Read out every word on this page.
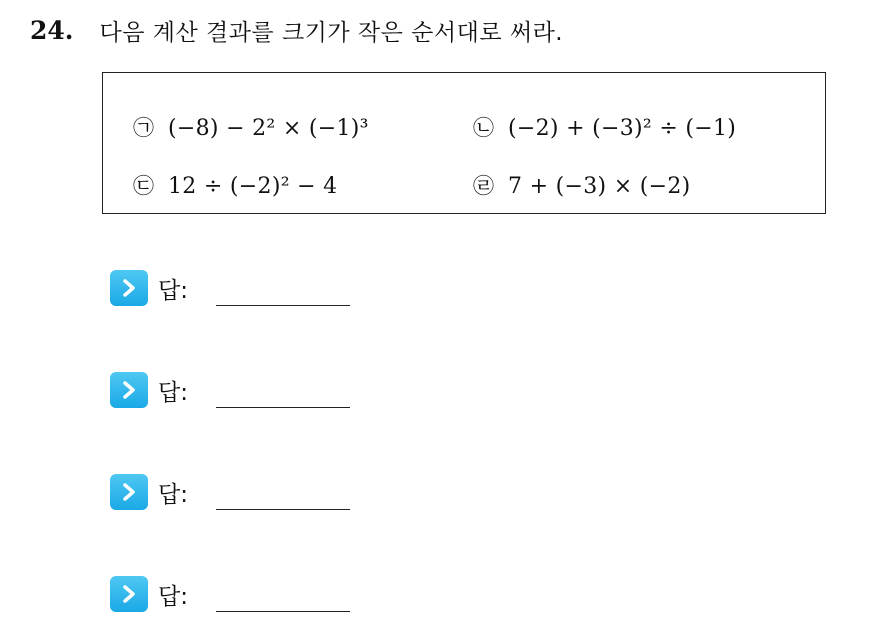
24. 다음 계산 결과를 크기가 작은 순서대로 써라.
㉠ (−8) − 2² × (−1)³	㉡ (−2) + (−3)² ÷ (−1)
㉢ 12 ÷ (−2)² − 4	㉣ 7 + (−3) × (−2)
답:
답:
답:
답:
